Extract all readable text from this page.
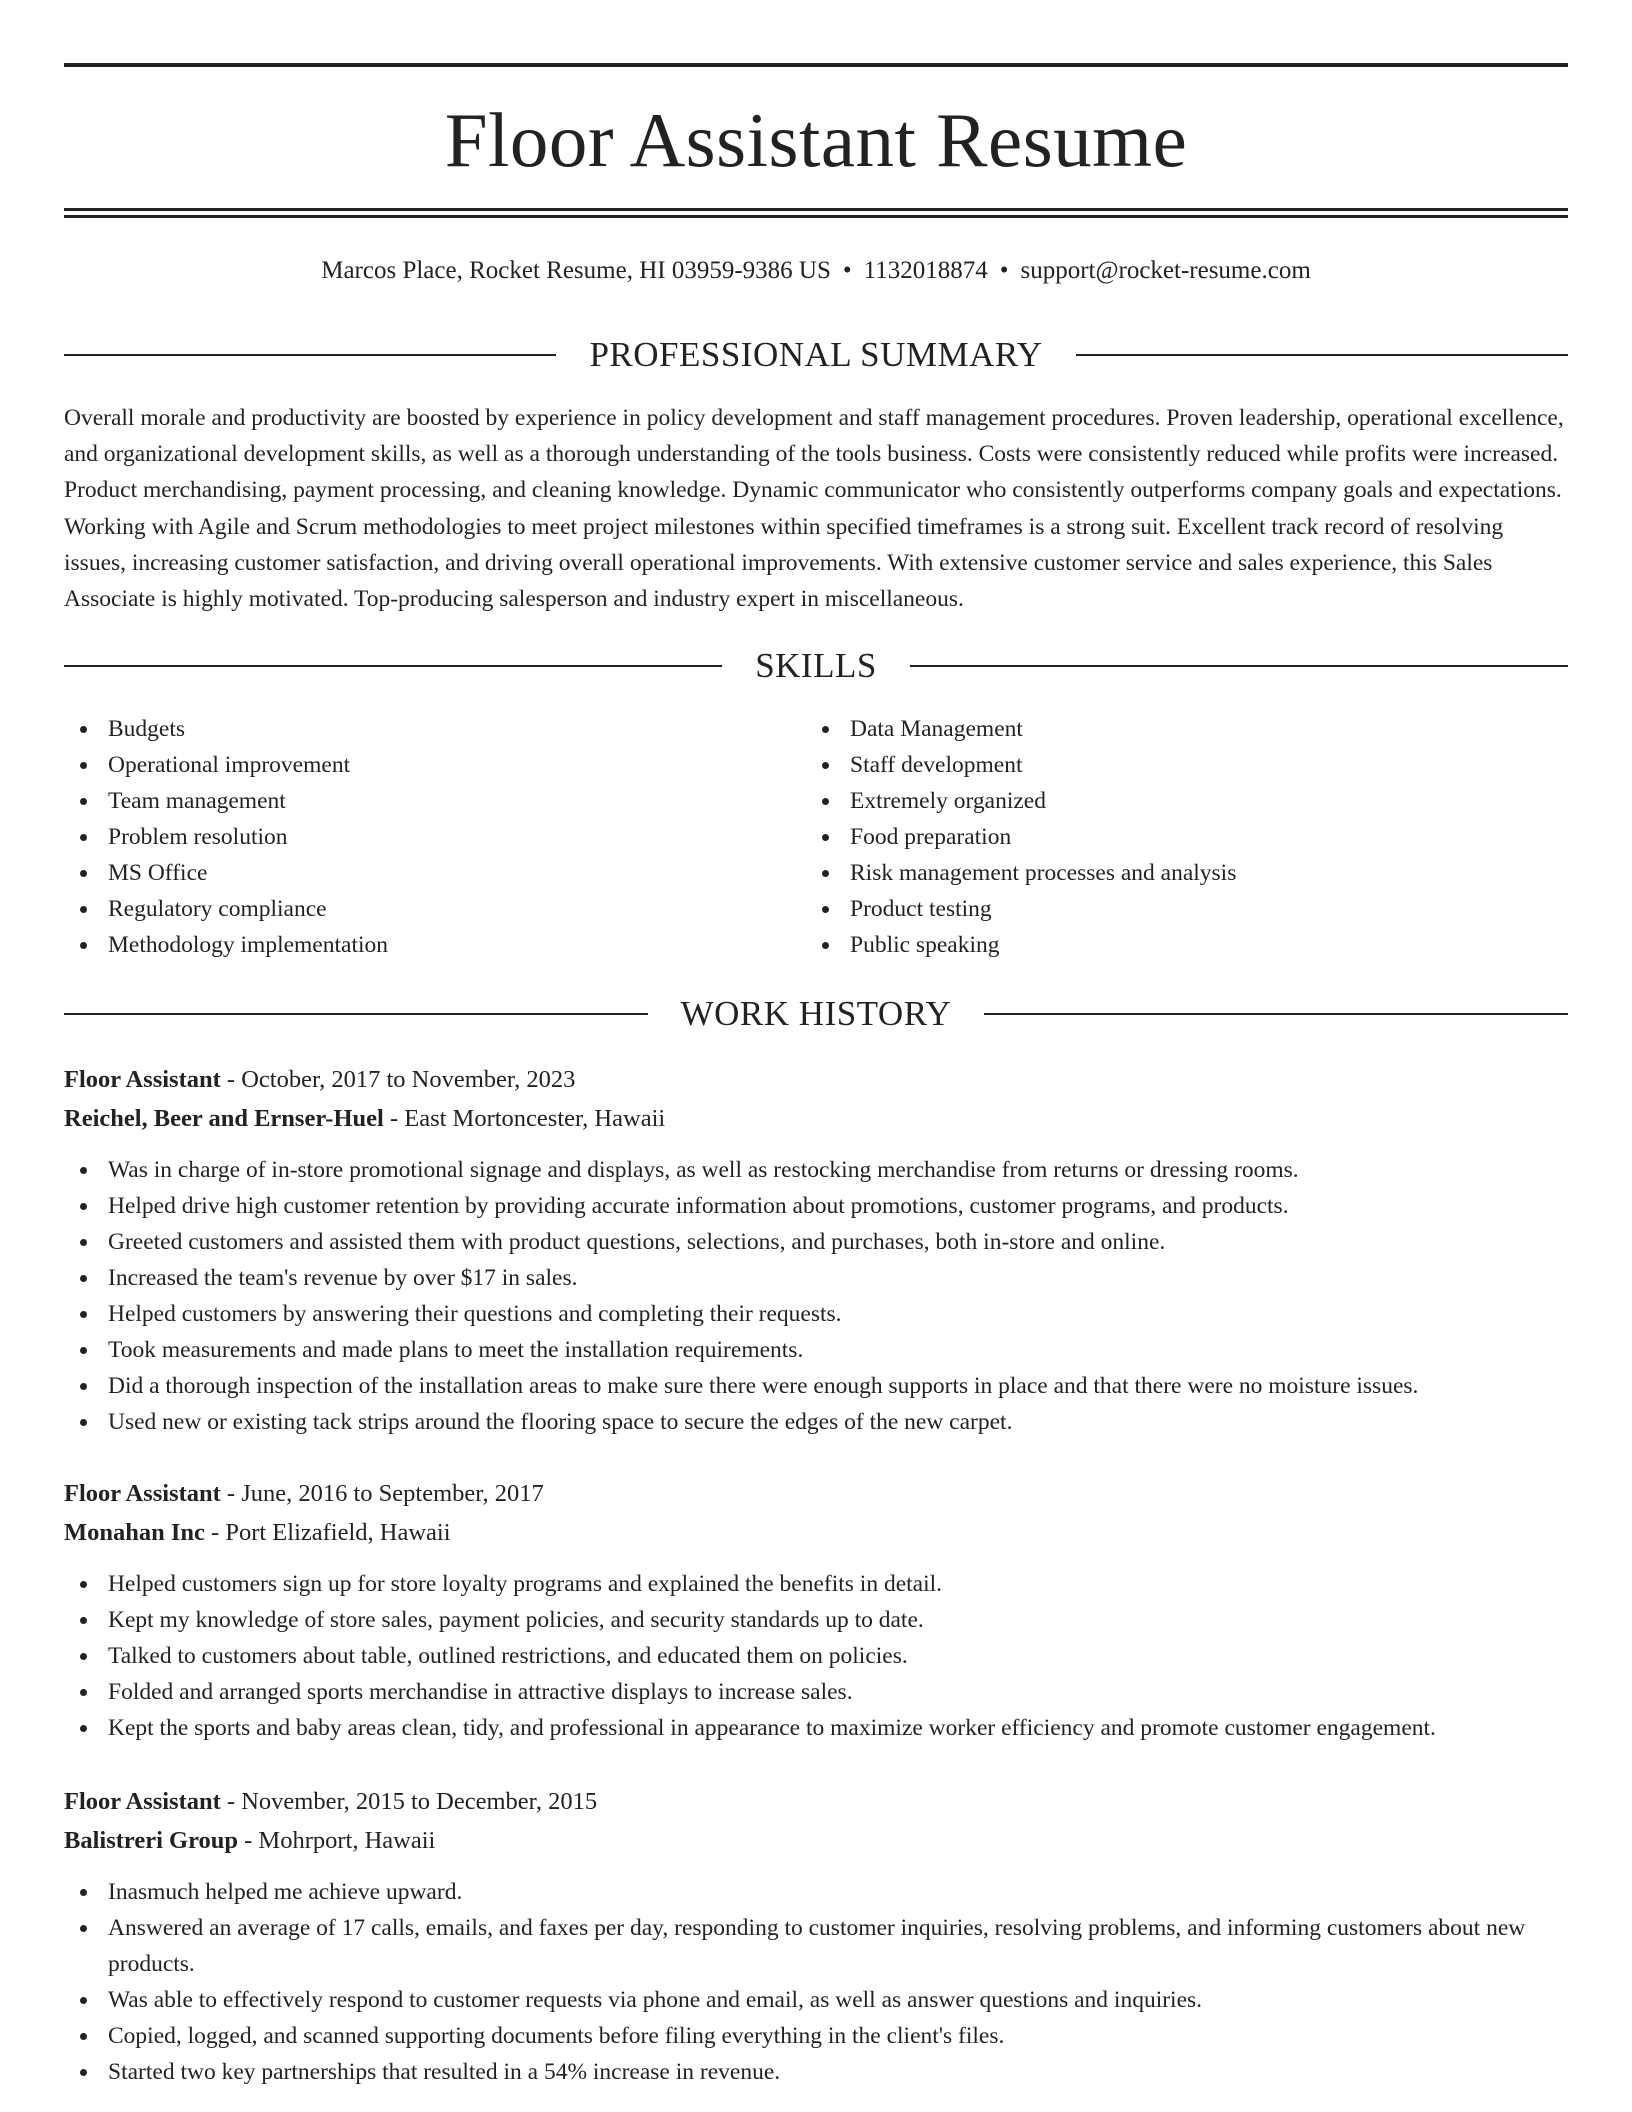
Floor Assistant Resume
Marcos Place, Rocket Resume, HI 03959-9386 US • 1132018874 • support@rocket-resume.com
PROFESSIONAL SUMMARY

Overall morale and productivity are boosted by experience in policy development and staff management procedures. Proven leadership, operational excellence, and organizational development skills, as well as a thorough understanding of the tools business. Costs were consistently reduced while profits were increased. Product merchandising, payment processing, and cleaning knowledge. Dynamic communicator who consistently outperforms company goals and expectations. Working with Agile and Scrum methodologies to meet project milestones within specified timeframes is a strong suit. Excellent track record of resolving issues, increasing customer satisfaction, and driving overall operational improvements. With extensive customer service and sales experience, this Sales Associate is highly motivated. Top-producing salesperson and industry expert in miscellaneous.

SKILLS
Budgets
Operational improvement
Team management
Problem resolution
MS Office
Regulatory compliance
Methodology implementation
Data Management
Staff development
Extremely organized
Food preparation
Risk management processes and analysis
Product testing
Public speaking
WORK HISTORY
Floor Assistant - October, 2017 to November, 2023
Reichel, Beer and Ernser-Huel - East Mortoncester, Hawaii
Was in charge of in-store promotional signage and displays, as well as restocking merchandise from returns or dressing rooms.
Helped drive high customer retention by providing accurate information about promotions, customer programs, and products.
Greeted customers and assisted them with product questions, selections, and purchases, both in-store and online.
Increased the team's revenue by over $17 in sales.
Helped customers by answering their questions and completing their requests.
Took measurements and made plans to meet the installation requirements.
Did a thorough inspection of the installation areas to make sure there were enough supports in place and that there were no moisture issues.
Used new or existing tack strips around the flooring space to secure the edges of the new carpet.
Floor Assistant - June, 2016 to September, 2017
Monahan Inc - Port Elizafield, Hawaii
Helped customers sign up for store loyalty programs and explained the benefits in detail.
Kept my knowledge of store sales, payment policies, and security standards up to date.
Talked to customers about table, outlined restrictions, and educated them on policies.
Folded and arranged sports merchandise in attractive displays to increase sales.
Kept the sports and baby areas clean, tidy, and professional in appearance to maximize worker efficiency and promote customer engagement.
Floor Assistant - November, 2015 to December, 2015
Balistreri Group - Mohrport, Hawaii
Inasmuch helped me achieve upward.
Answered an average of 17 calls, emails, and faxes per day, responding to customer inquiries, resolving problems, and informing customers about new products.
Was able to effectively respond to customer requests via phone and email, as well as answer questions and inquiries.
Copied, logged, and scanned supporting documents before filing everything in the client's files.
Started two key partnerships that resulted in a 54% increase in revenue.
